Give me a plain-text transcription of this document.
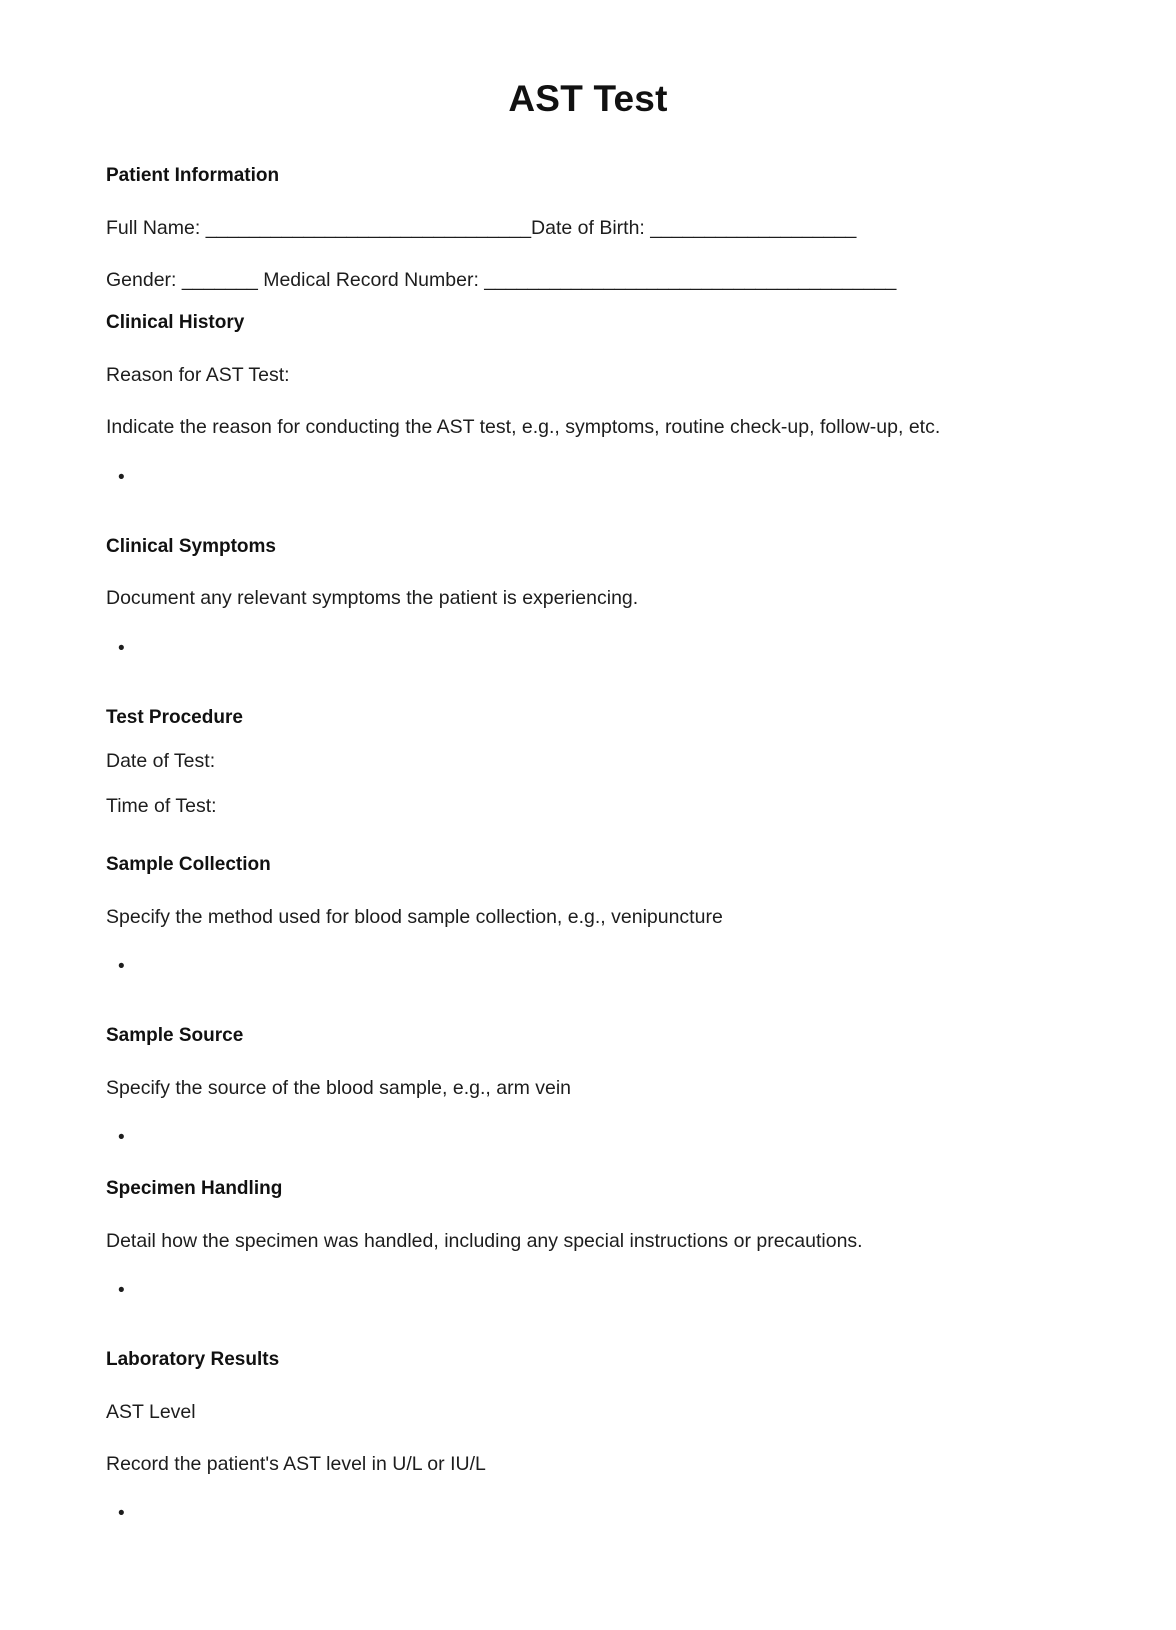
AST Test
Patient Information
Full Name: ______________________________Date of Birth: ___________________
Gender: _______ Medical Record Number: ______________________________________
Clinical History
Reason for AST Test:
Indicate the reason for conducting the AST test, e.g., symptoms, routine check-up, follow-up, etc.
•
Clinical Symptoms
Document any relevant symptoms the patient is experiencing.
•
Test Procedure
Date of Test:
Time of Test:
Sample Collection
Specify the method used for blood sample collection, e.g., venipuncture
•
Sample Source
Specify the source of the blood sample, e.g., arm vein
•
Specimen Handling
Detail how the specimen was handled, including any special instructions or precautions.
•
Laboratory Results
AST Level
Record the patient's AST level in U/L or IU/L
•
